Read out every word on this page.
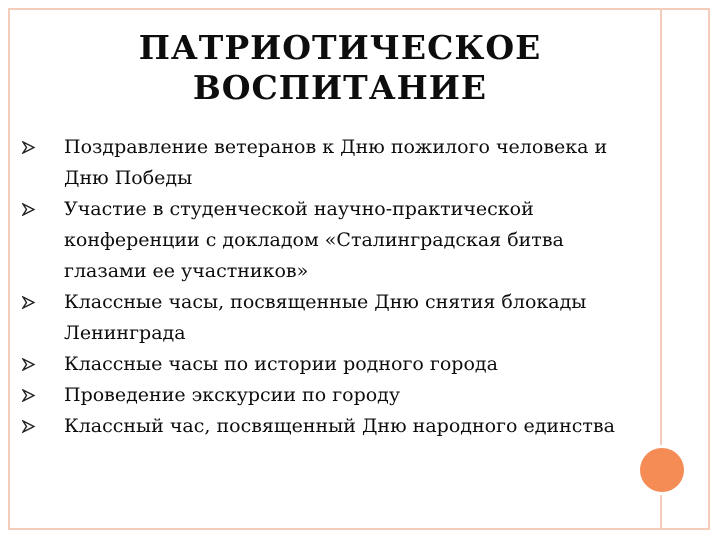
ПАТРИОТИЧЕСКОЕ
ВОСПИТАНИЕ
Поздравление ветеранов к Дню пожилого человека и Дню Победы
Участие в студенческой научно-практической конференции с докладом «Сталинградская битва глазами ее участников»
Классные часы, посвященные Дню снятия блокады Ленинграда
Классные часы по истории родного города
Проведение экскурсии по городу
Классный час, посвященный Дню народного единства
